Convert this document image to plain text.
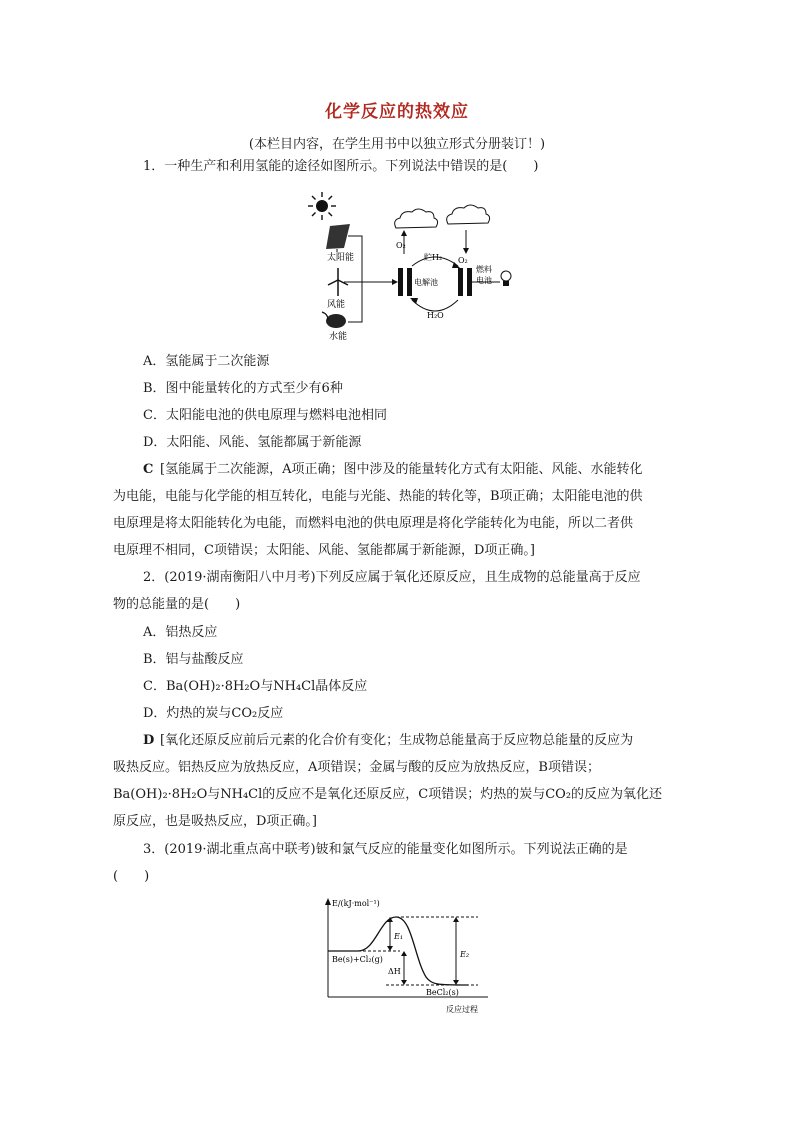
化学反应的热效应
(本栏目内容，在学生用书中以独立形式分册装订！)
1．一种生产和利用氢能的途径如图所示。下列说法中错误的是(　　)
太阳能
风能
水能
O₂
O₂
电解池
燃料
电池
贮H₂
H₂O
A．氢能属于二次能源
B．图中能量转化的方式至少有6种
C．太阳能电池的供电原理与燃料电池相同
D．太阳能、风能、氢能都属于新能源
C [氢能属于二次能源，A项正确；图中涉及的能量转化方式有太阳能、风能、水能转化
为电能，电能与化学能的相互转化，电能与光能、热能的转化等，B项正确；太阳能电池的供
电原理是将太阳能转化为电能，而燃料电池的供电原理是将化学能转化为电能，所以二者供
电原理不相同，C项错误；太阳能、风能、氢能都属于新能源，D项正确。]
2．(2019·湖南衡阳八中月考)下列反应属于氧化还原反应，且生成物的总能量高于反应
物的总能量的是(　　)
A．铝热反应
B．铝与盐酸反应
C．Ba(OH)₂·8H₂O与NH₄Cl晶体反应
D．灼热的炭与CO₂反应
D [氧化还原反应前后元素的化合价有变化；生成物总能量高于反应物总能量的反应为
吸热反应。铝热反应为放热反应，A项错误；金属与酸的反应为放热反应，B项错误；
Ba(OH)₂·8H₂O与NH₄Cl的反应不是氧化还原反应，C项错误；灼热的炭与CO₂的反应为氧化还
原反应，也是吸热反应，D项正确。]
3．(2019·湖北重点高中联考)铍和氯气反应的能量变化如图所示。下列说法正确的是
(　　)
E/(kJ·mol⁻¹)
反应过程
E₁
E₂
ΔH
Be(s)+Cl₂(g)
BeCl₂(s)
